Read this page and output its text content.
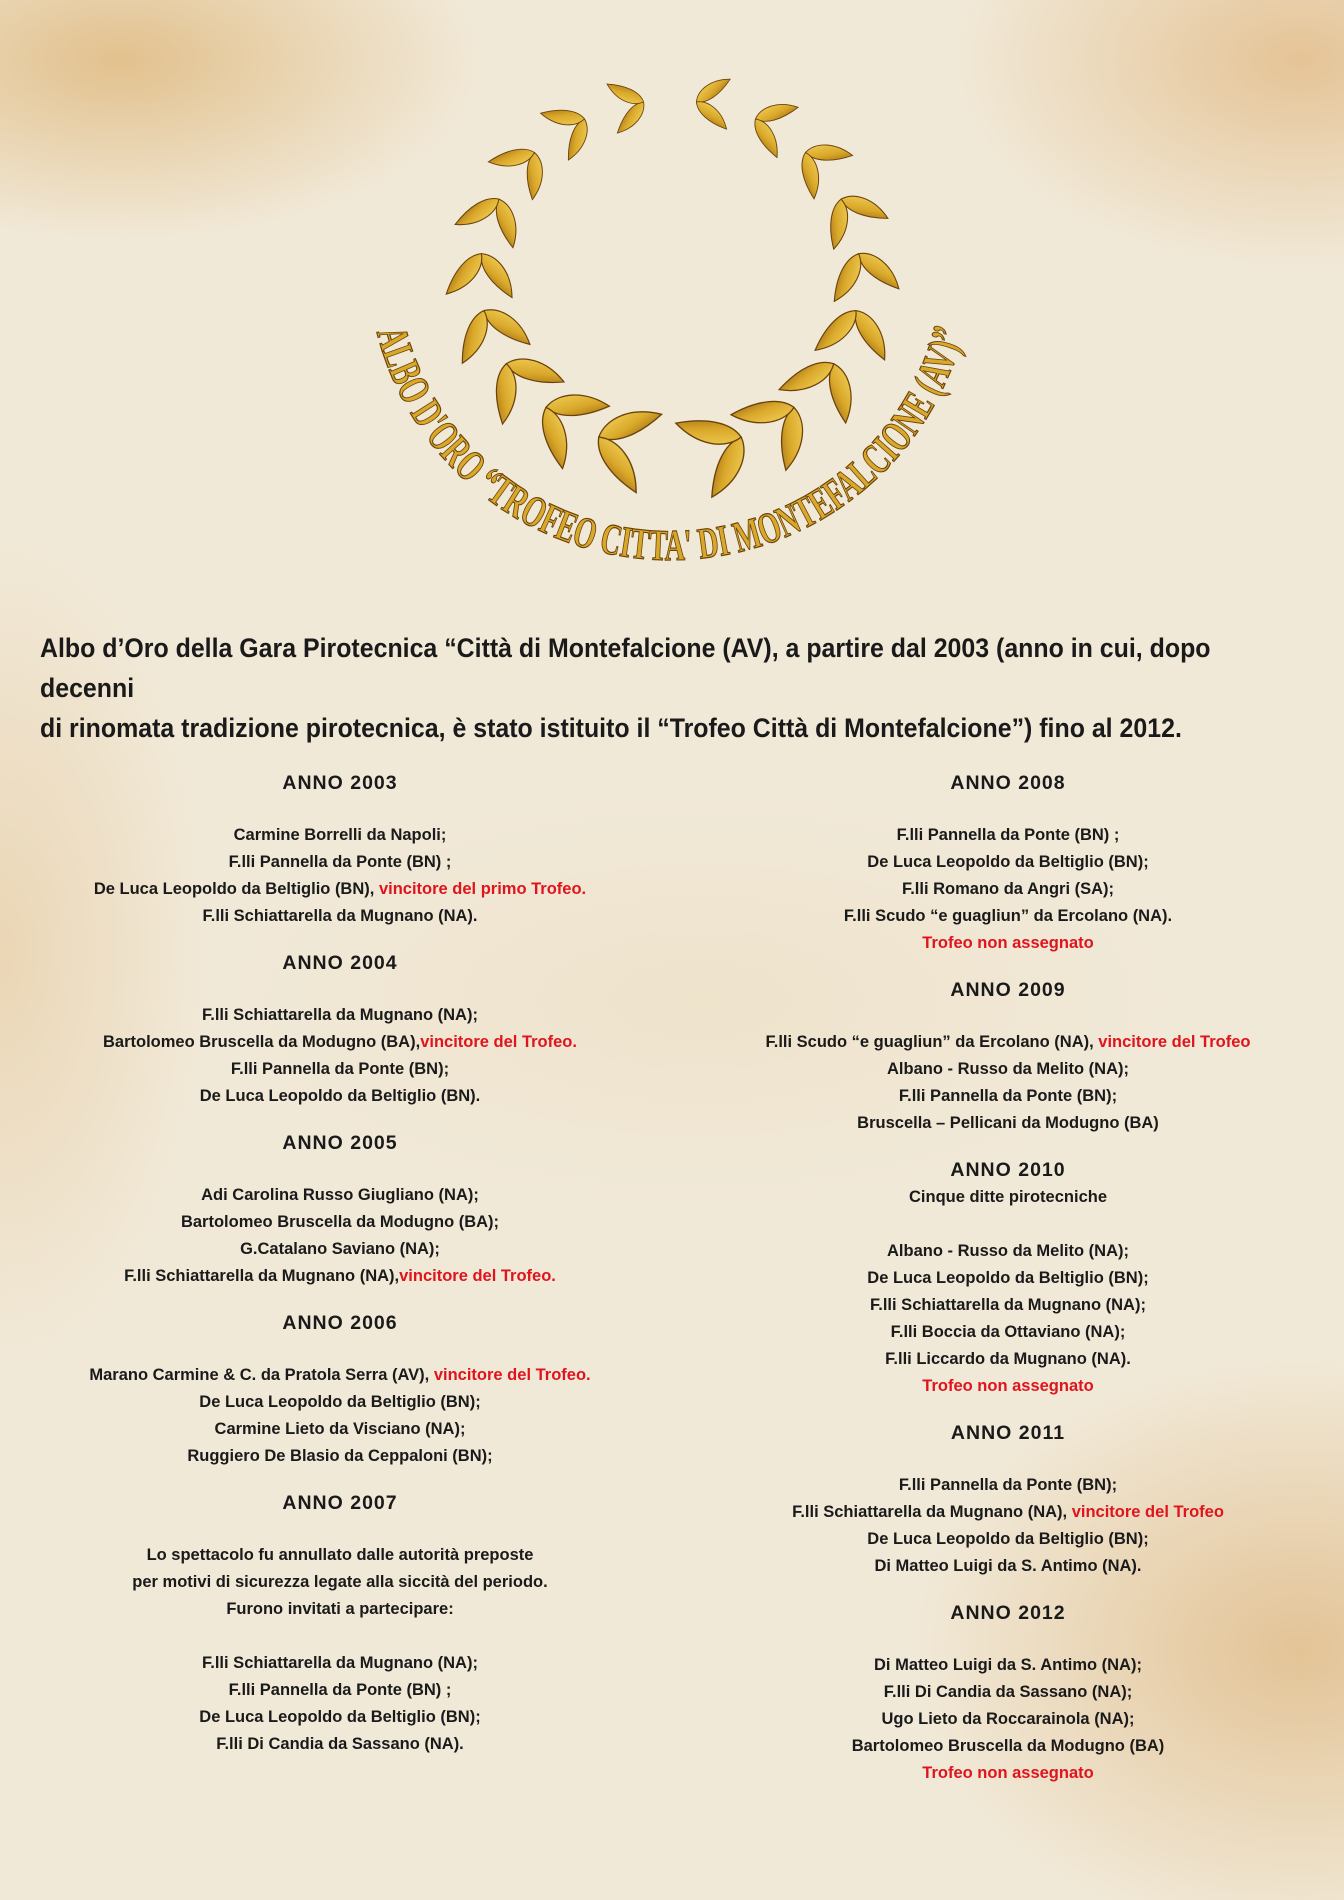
ALBO D'ORO “TROFEO CITTA' DI MONTEFALCIONE (AV)”
Albo d’Oro della Gara Pirotecnica “Città di Montefalcione (AV), a partire dal 2003 (anno in cui, dopo decenni
di rinomata tradizione pirotecnica, è stato istituito il “Trofeo Città di Montefalcione”) fino al 2012.
ANNO 2003
Carmine Borrelli da Napoli;
F.lli Pannella da Ponte (BN) ;
De Luca Leopoldo da Beltiglio (BN), vincitore del primo Trofeo.
F.lli Schiattarella da Mugnano (NA).
ANNO 2004
F.lli Schiattarella da Mugnano (NA);
Bartolomeo Bruscella da Modugno (BA),vincitore del Trofeo.
F.lli Pannella da Ponte (BN);
De Luca Leopoldo da Beltiglio (BN).
ANNO 2005
Adi Carolina Russo Giugliano (NA);
Bartolomeo Bruscella da Modugno (BA);
G.Catalano Saviano (NA);
F.lli Schiattarella da Mugnano (NA),vincitore del Trofeo.
ANNO 2006
Marano Carmine & C. da Pratola Serra (AV), vincitore del Trofeo.
De Luca Leopoldo da Beltiglio (BN);
Carmine Lieto da Visciano (NA);
Ruggiero De Blasio da Ceppaloni (BN);
ANNO 2007
Lo spettacolo fu annullato dalle autorità preposte
per motivi di sicurezza legate alla siccità del periodo.
Furono invitati a partecipare:
F.lli Schiattarella da Mugnano (NA);
F.lli Pannella da Ponte (BN) ;
De Luca Leopoldo da Beltiglio (BN);
F.lli Di Candia da Sassano (NA).
ANNO 2008
F.lli Pannella da Ponte (BN) ;
De Luca Leopoldo da Beltiglio (BN);
F.lli Romano da Angri (SA);
F.lli Scudo “e guagliun” da Ercolano (NA).
Trofeo non assegnato
ANNO 2009
F.lli Scudo “e guagliun” da Ercolano (NA), vincitore del Trofeo
Albano - Russo da Melito (NA);
F.lli Pannella da Ponte (BN);
Bruscella – Pellicani da Modugno (BA)
ANNO 2010
Cinque ditte pirotecniche
Albano - Russo da Melito (NA);
De Luca Leopoldo da Beltiglio (BN);
F.lli Schiattarella da Mugnano (NA);
F.lli Boccia da Ottaviano (NA);
F.lli Liccardo da Mugnano (NA).
Trofeo non assegnato
ANNO 2011
F.lli Pannella da Ponte (BN);
F.lli Schiattarella da Mugnano (NA), vincitore del Trofeo
De Luca Leopoldo da Beltiglio (BN);
Di Matteo Luigi da S. Antimo (NA).
ANNO 2012
Di Matteo Luigi da S. Antimo (NA);
F.lli Di Candia da Sassano (NA);
Ugo Lieto da Roccarainola (NA);
Bartolomeo Bruscella da Modugno (BA)
Trofeo non assegnato
